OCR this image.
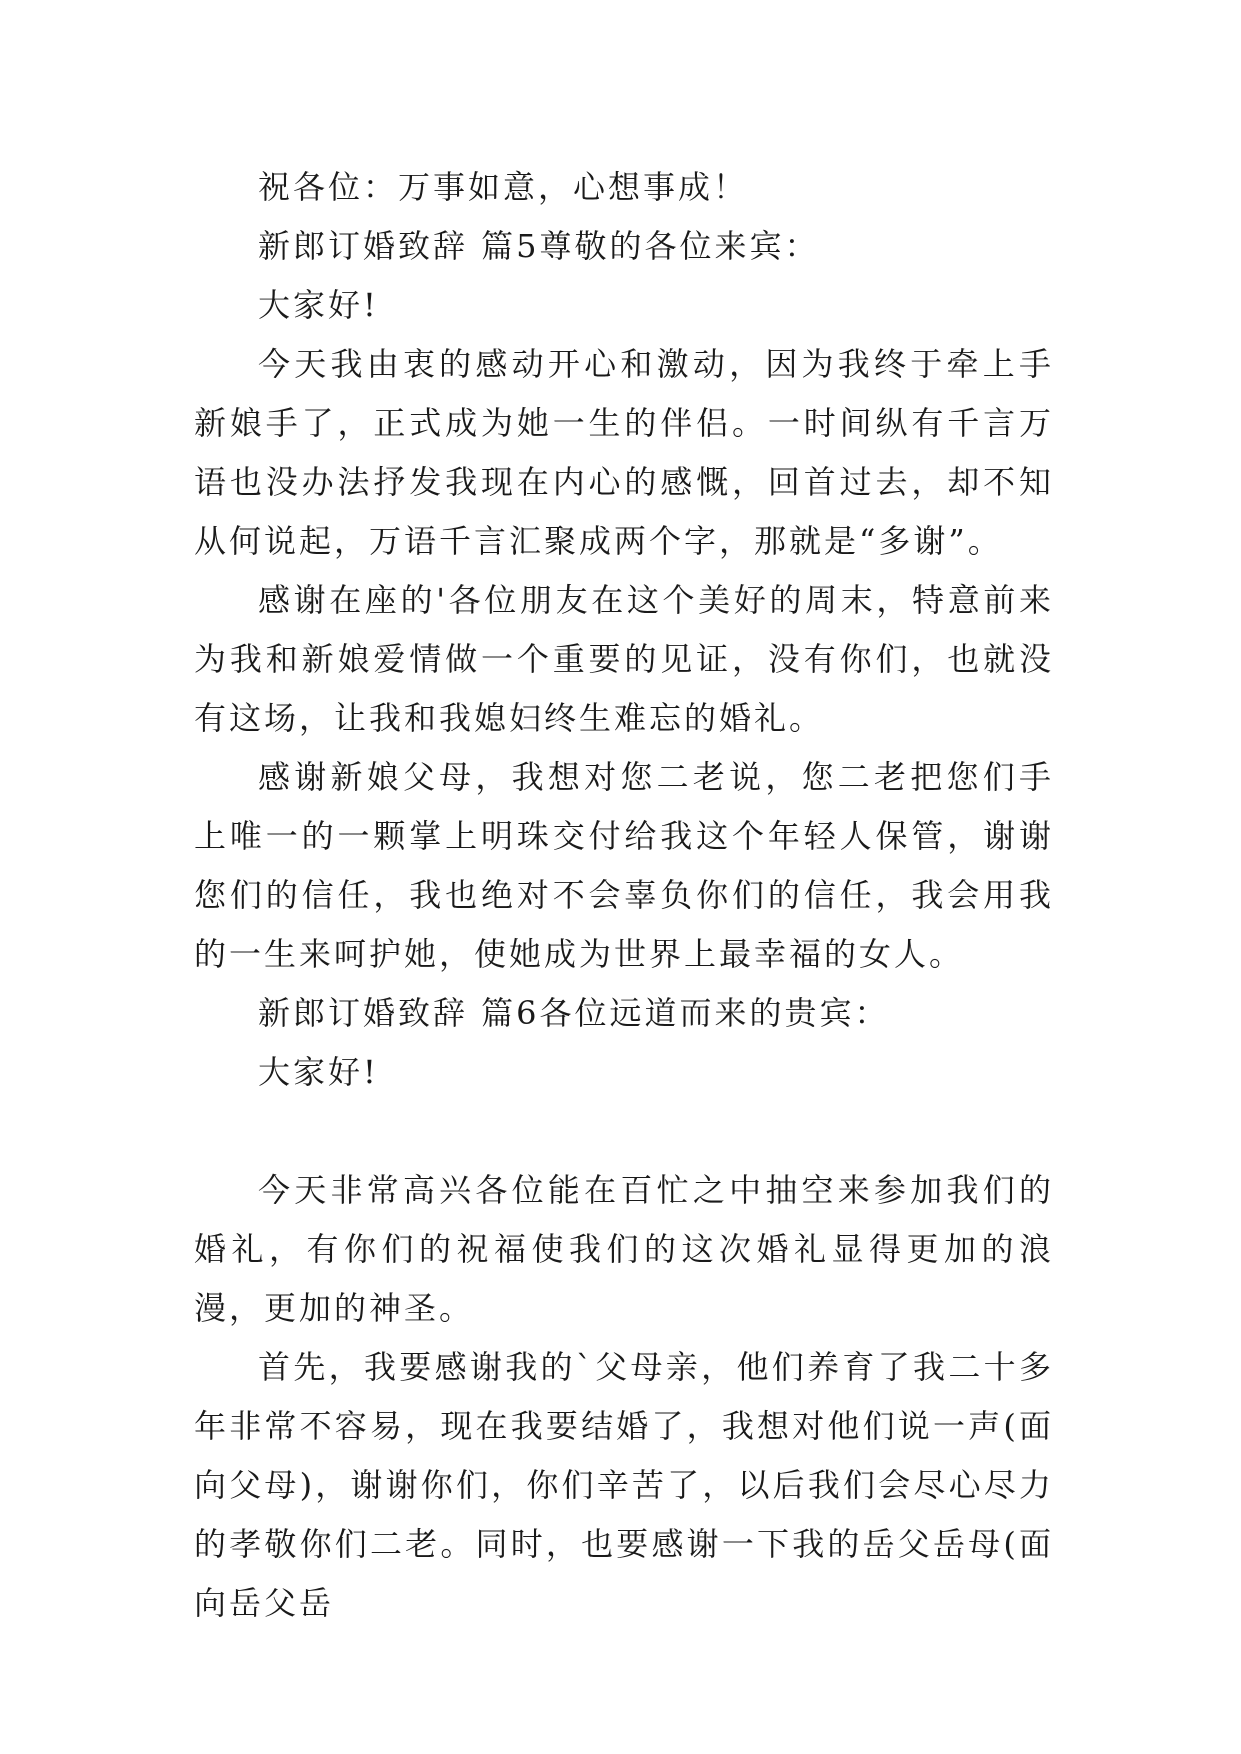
祝各位：万事如意，心想事成！

新郎订婚致辞 篇5尊敬的各位来宾：

大家好!

今天我由衷的感动开心和激动，因为我终于牵上手新娘手了，正式成为她一生的伴侣。一时间纵有千言万语也没办法抒发我现在内心的感慨，回首过去，却不知从何说起，万语千言汇聚成两个字，那就是“多谢”。

感谢在座的'各位朋友在这个美好的周末，特意前来为我和新娘爱情做一个重要的见证，没有你们，也就没有这场，让我和我媳妇终生难忘的婚礼。

感谢新娘父母，我想对您二老说，您二老把您们手上唯一的一颗掌上明珠交付给我这个年轻人保管，谢谢您们的信任，我也绝对不会辜负你们的信任，我会用我的一生来呵护她，使她成为世界上最幸福的女人。

新郎订婚致辞 篇6各位远道而来的贵宾：

大家好!

今天非常高兴各位能在百忙之中抽空来参加我们的婚礼，有你们的祝福使我们的这次婚礼显得更加的浪漫，更加的神圣。

首先，我要感谢我的`父母亲，他们养育了我二十多年非常不容易，现在我要结婚了，我想对他们说一声(面向父母)，谢谢你们，你们辛苦了，以后我们会尽心尽力的孝敬你们二老。同时，也要感谢一下我的岳父岳母(面向岳父岳
